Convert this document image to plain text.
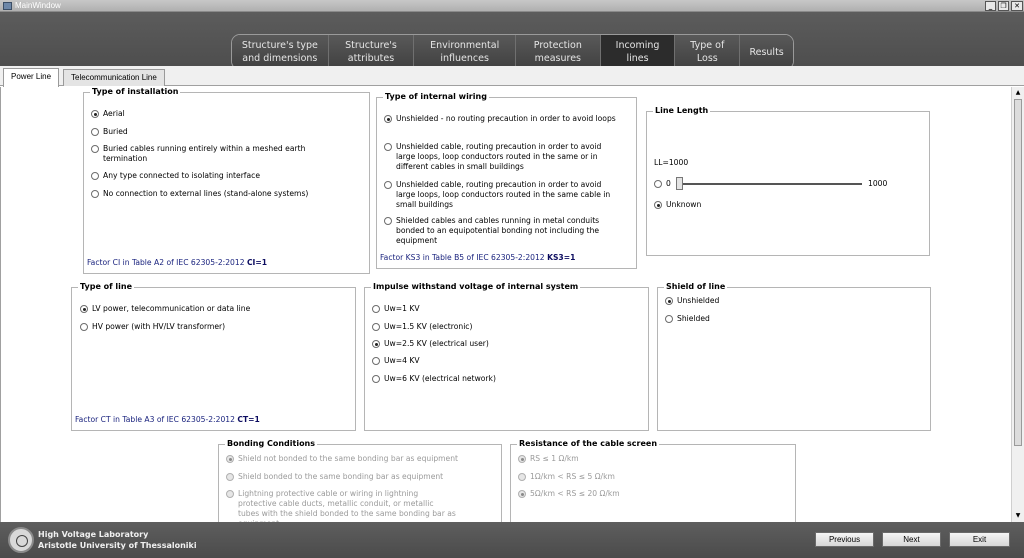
MainWindow	_	❐	✕
Structure's type
and dimensions
Structure's
attributes
Environmental
influences
Protection
measures
Incoming
lines
Type of
Loss
Results
Power Line	Telecommunication Line
Type of installation
Aerial
Buried
Buried cables running entirely within a meshed earth termination
Any type connected to isolating interface
No connection to external lines (stand-alone systems)
Factor CI in Table A2 of IEC 62305-2:2012 CI=1
Type of internal wiring
Unshielded - no routing precaution in order to avoid loops
Unshielded cable, routing precaution in order to avoid large loops, loop conductors routed in the same or in different cables in small buildings
Unshielded cable, routing precaution in order to avoid large loops, loop conductors routed in the same cable in small buildings
Shielded cables and cables running in metal conduits bonded to an equipotential bonding not including the equipment
Factor KS3 in Table B5 of IEC 62305-2:2012 KS3=1
Line Length
LL=1000
0	1000
Unknown
Type of line
LV power, telecommunication or data line
HV power (with HV/LV transformer)
Factor CT in Table A3 of IEC 62305-2:2012 CT=1
Impulse withstand voltage of internal system
Uw=1 KV
Uw=1.5 KV (electronic)
Uw=2.5 KV (electrical user)
Uw=4 KV
Uw=6 KV (electrical network)
Shield of line
Unshielded
Shielded
Bonding Conditions
Shield not bonded to the same bonding bar as equipment
Shield bonded to the same bonding bar as equipment
Lightning protective cable or wiring in lightning protective cable ducts, metallic conduit, or metallic tubes with the shield bonded to the same bonding bar as
Resistance of the cable screen
RS ≤ 1 Ω/km
1Ω/km < RS ≤ 5 Ω/km
5Ω/km < RS ≤ 20 Ω/km
▲
▼
High Voltage Laboratory
Aristotle University of Thessaloniki
Previous	Next	Exit
